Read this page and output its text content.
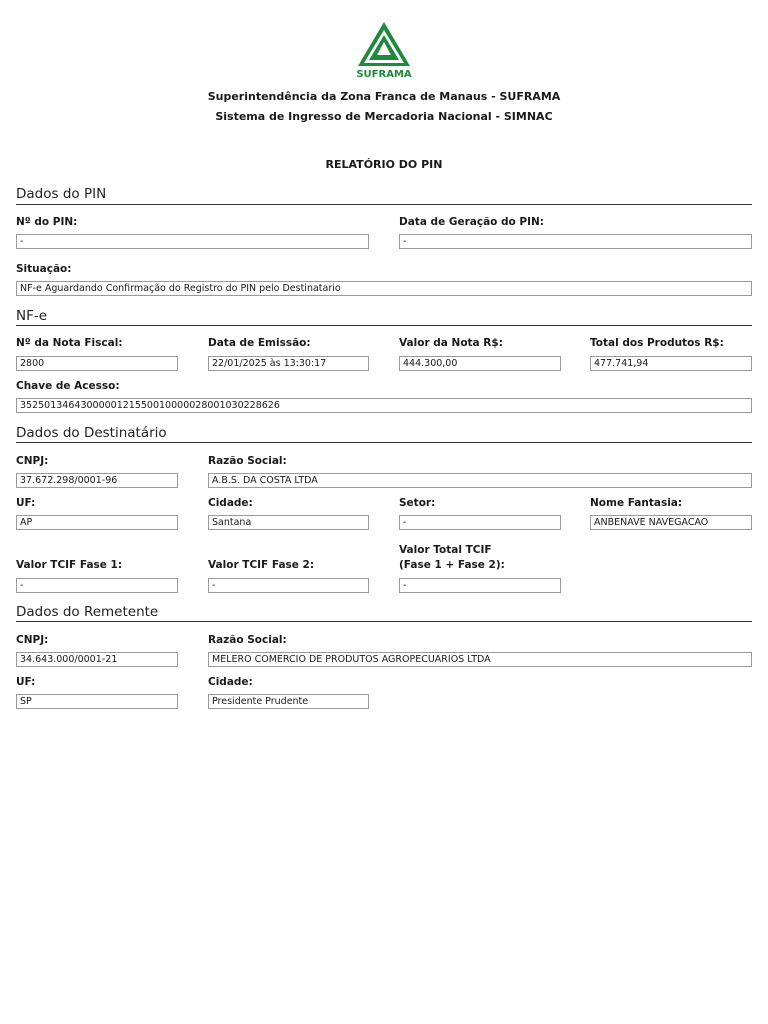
SUFRAMA
Superintendência da Zona Franca de Manaus - SUFRAMA
Sistema de Ingresso de Mercadoria Nacional - SIMNAC
RELATÓRIO DO PIN
Dados do PIN
Nº do PIN:
-
Data de Geração do PIN:
-
Situação:
NF-e Aguardando Confirmação do Registro do PIN pelo Destinatario
NF-e
Nº da Nota Fiscal:
2800
Data de Emissão:
22/01/2025 às 13:30:17
Valor da Nota R$:
444.300,00
Total dos Produtos R$:
477.741,94
Chave de Acesso:
3525013464300000121550010000028001030228626
Dados do Destinatário
CNPJ:
37.672.298/0001-96
Razão Social:
A.B.S. DA COSTA LTDA
UF:
AP
Cidade:
Santana
Setor:
-
Nome Fantasia:
ANBENAVE NAVEGACAO
Valor TCIF Fase 1:
-
Valor TCIF Fase 2:
-
Valor Total TCIF
(Fase 1 + Fase 2):
-
Dados do Remetente
CNPJ:
34.643.000/0001-21
Razão Social:
MELERO COMERCIO DE PRODUTOS AGROPECUARIOS LTDA
UF:
SP
Cidade:
Presidente Prudente
